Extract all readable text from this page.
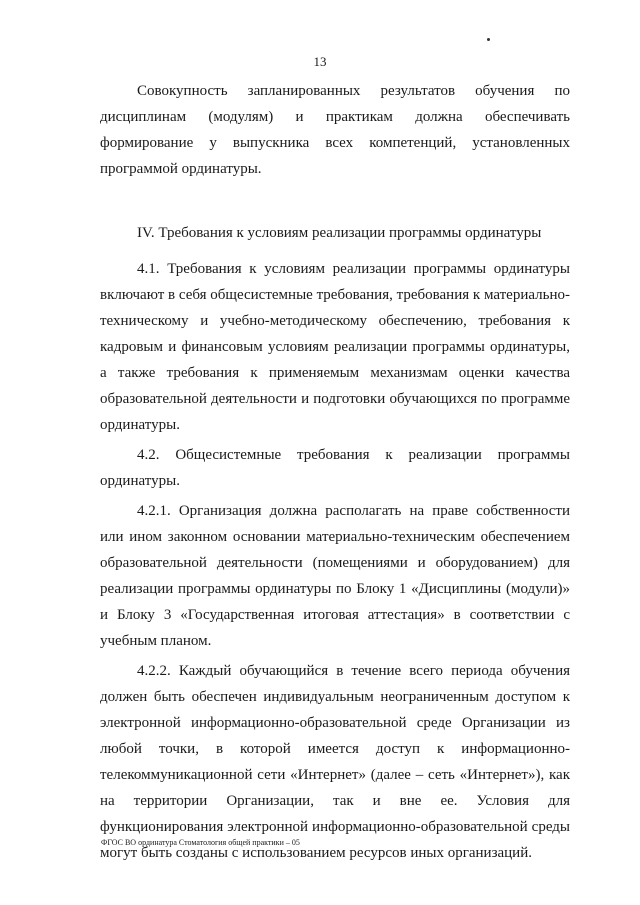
13

Совокупность запланированных результатов обучения по дисциплинам (модулям) и практикам должна обеспечивать формирование у выпускника всех компетенций, установленных программой ординатуры.

IV. Требования к условиям реализации программы ординатуры

4.1. Требования к условиям реализации программы ординатуры включают в себя общесистемные требования, требования к материально-техническому и учебно-методическому обеспечению, требования к кадровым и финансовым условиям реализации программы ординатуры, а также требования к применяемым механизмам оценки качества образовательной деятельности и подготовки обучающихся по программе ординатуры.

4.2. Общесистемные требования к реализации программы ординатуры.

4.2.1. Организация должна располагать на праве собственности или ином законном основании материально-техническим обеспечением образовательной деятельности (помещениями и оборудованием) для реализации программы ординатуры по Блоку 1 «Дисциплины (модули)» и Блоку 3 «Государственная итоговая аттестация» в соответствии с учебным планом.

4.2.2. Каждый обучающийся в течение всего периода обучения должен быть обеспечен индивидуальным неограниченным доступом к электронной информационно-образовательной среде Организации из любой точки, в которой имеется доступ к информационно-телекоммуникационной сети «Интернет» (далее – сеть «Интернет»), как на территории Организации, так и вне ее. Условия для функционирования электронной информационно-образовательной среды могут быть созданы с использованием ресурсов иных организаций.

ФГОС ВО ординатура Стоматология общей практики – 05
